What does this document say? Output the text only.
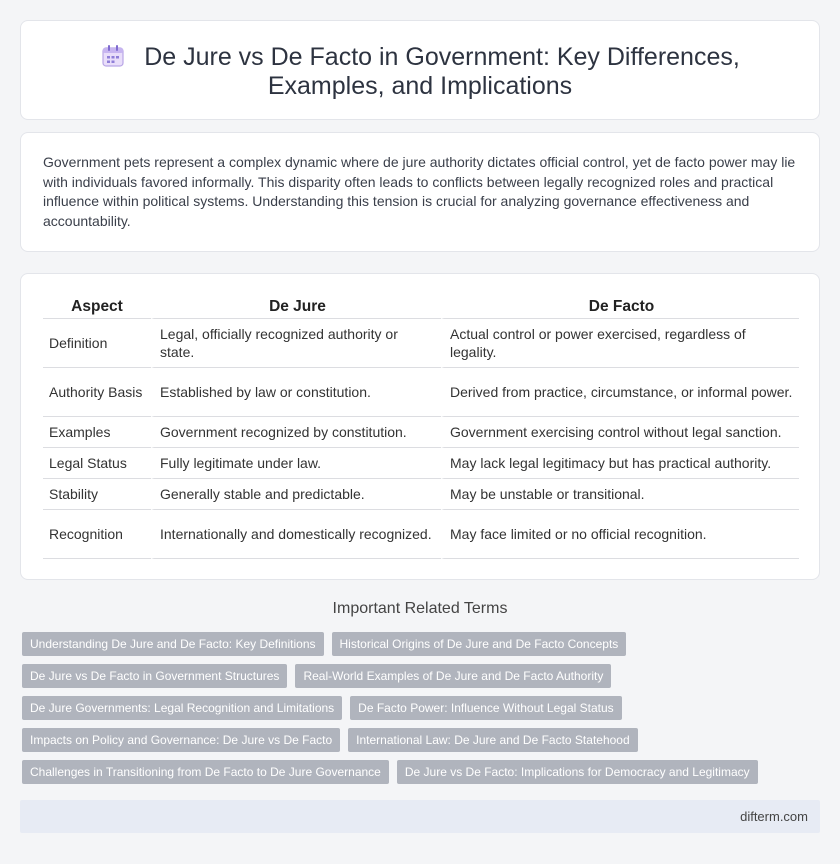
De Jure vs De Facto in Government: Key Differences, Examples, and Implications

Government pets represent a complex dynamic where de jure authority dictates official control, yet de facto power may lie with individuals favored informally. This disparity often leads to conflicts between legally recognized roles and practical influence within political systems. Understanding this tension is crucial for analyzing governance effectiveness and accountability.

Aspect	De Jure	De Facto
Definition	Legal, officially recognized authority or state.	Actual control or power exercised, regardless of legality.
Authority Basis	Established by law or constitution.	Derived from practice, circumstance, or informal power.
Examples	Government recognized by constitution.	Government exercising control without legal sanction.
Legal Status	Fully legitimate under law.	May lack legal legitimacy but has practical authority.
Stability	Generally stable and predictable.	May be unstable or transitional.
Recognition	Internationally and domestically recognized.	May face limited or no official recognition.
Important Related Terms
Understanding De Jure and De Facto: Key Definitions	Historical Origins of De Jure and De Facto Concepts
De Jure vs De Facto in Government Structures	Real-World Examples of De Jure and De Facto Authority
De Jure Governments: Legal Recognition and Limitations	De Facto Power: Influence Without Legal Status
Impacts on Policy and Governance: De Jure vs De Facto	International Law: De Jure and De Facto Statehood
Challenges in Transitioning from De Facto to De Jure Governance	De Jure vs De Facto: Implications for Democracy and Legitimacy
difterm.com
